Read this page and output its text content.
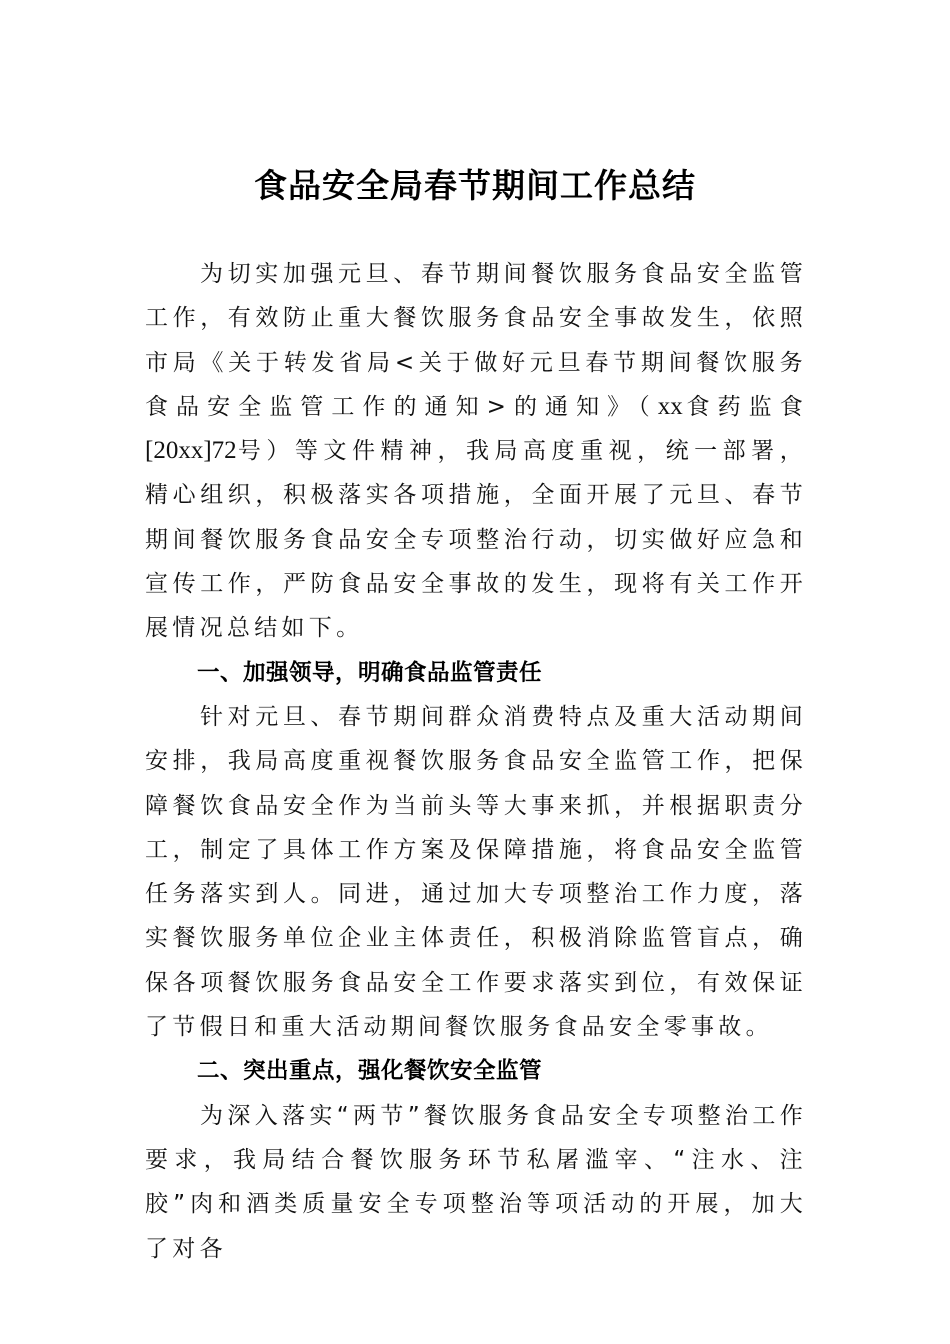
食品安全局春节期间工作总结

为切实加强元旦、春节期间餐饮服务食品安全监管工作，有效防止重大餐饮服务食品安全事故发生，依照市局《关于转发省局<关于做好元旦春节期间餐饮服务食品安全监管工作的通知>的通知》（xx食药监食[20xx]72号）等文件精神，我局高度重视，统一部署，精心组织，积极落实各项措施，全面开展了元旦、春节期间餐饮服务食品安全专项整治行动，切实做好应急和宣传工作，严防食品安全事故的发生，现将有关工作开展情况总结如下。

一、加强领导，明确食品监管责任

针对元旦、春节期间群众消费特点及重大活动期间安排，我局高度重视餐饮服务食品安全监管工作，把保障餐饮食品安全作为当前头等大事来抓，并根据职责分工，制定了具体工作方案及保障措施，将食品安全监管任务落实到人。同进，通过加大专项整治工作力度，落实餐饮服务单位企业主体责任，积极消除监管盲点，确保各项餐饮服务食品安全工作要求落实到位，有效保证了节假日和重大活动期间餐饮服务食品安全零事故。

二、突出重点，强化餐饮安全监管

为深入落实“两节”餐饮服务食品安全专项整治工作要求，我局结合餐饮服务环节私屠滥宰、“注水、注胶”肉和酒类质量安全专项整治等项活动的开展，加大了对各
